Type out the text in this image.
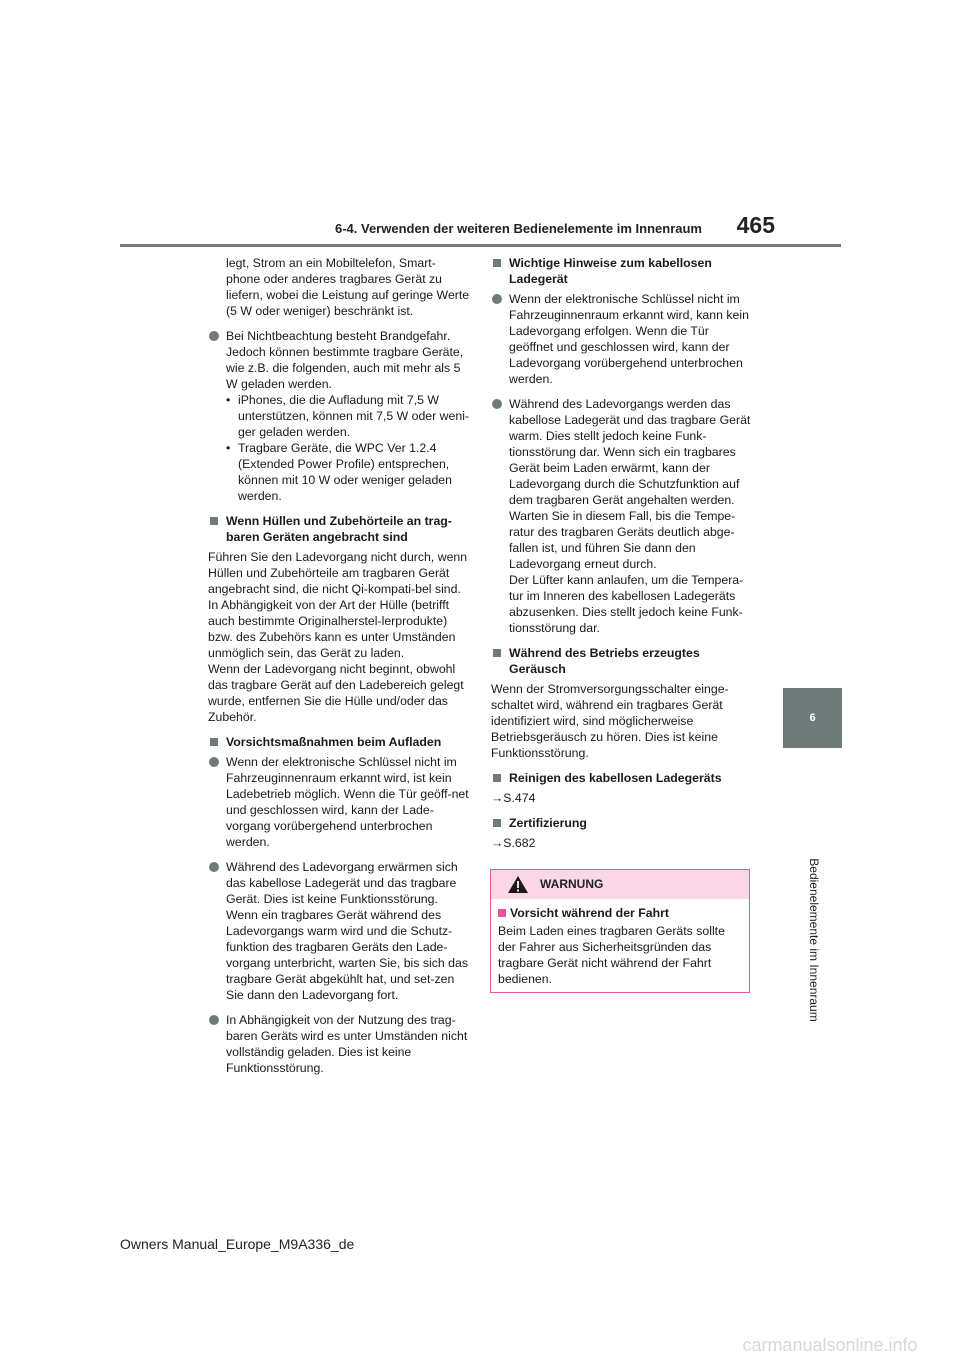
6-4. Verwenden der weiteren Bedienelemente im Innenraum	465
6
Bedienelemente im Innenraum

legt, Strom an ein Mobiltelefon, Smart-phone oder anderes tragbares Gerät zu liefern, wobei die Leistung auf geringe Werte (5 W oder weniger) beschränkt ist.

Bei Nichtbeachtung besteht Brandgefahr. Jedoch können bestimmte tragbare Geräte, wie z.B. die folgenden, auch mit mehr als 5 W geladen werden.
• iPhones, die die Aufladung mit 7,5 W unterstützen, können mit 7,5 W oder weni-ger geladen werden.
• Tragbare Geräte, die WPC Ver 1.2.4 (Extended Power Profile) entsprechen, können mit 10 W oder weniger geladen werden.
Wenn Hüllen und Zubehörteile an trag-baren Geräten angebracht sind
Führen Sie den Ladevorgang nicht durch, wenn Hüllen und Zubehörteile am tragbaren Gerät angebracht sind, die nicht Qi-kompati-bel sind. In Abhängigkeit von der Art der Hülle (betrifft auch bestimmte Originalherstel-lerprodukte) bzw. des Zubehörs kann es unter Umständen unmöglich sein, das Gerät zu laden.
Wenn der Ladevorgang nicht beginnt, obwohl das tragbare Gerät auf den Ladebereich gelegt wurde, entfernen Sie die Hülle und/oder das Zubehör.
Vorsichtsmaßnahmen beim Aufladen
Wenn der elektronische Schlüssel nicht im Fahrzeuginnenraum erkannt wird, ist kein Ladebetrieb möglich. Wenn die Tür geöff-net und geschlossen wird, kann der Lade-vorgang vorübergehend unterbrochen werden.
Während des Ladevorgang erwärmen sich das kabellose Ladegerät und das tragbare Gerät. Dies ist keine Funktionsstörung. Wenn ein tragbares Gerät während des Ladevorgangs warm wird und die Schutz-funktion des tragbaren Geräts den Lade-vorgang unterbricht, warten Sie, bis sich das tragbare Gerät abgekühlt hat, und set-zen Sie dann den Ladevorgang fort.
In Abhängigkeit von der Nutzung des trag-baren Geräts wird es unter Umständen nicht vollständig geladen. Dies ist keine Funktionsstörung.
Wichtige Hinweise zum kabellosen Ladegerät
Wenn der elektronische Schlüssel nicht im Fahrzeuginnenraum erkannt wird, kann kein Ladevorgang erfolgen. Wenn die Tür geöffnet und geschlossen wird, kann der Ladevorgang vorübergehend unterbrochen werden.
Während des Ladevorgangs werden das kabellose Ladegerät und das tragbare Gerät warm. Dies stellt jedoch keine Funk-tionsstörung dar. Wenn sich ein tragbares Gerät beim Laden erwärmt, kann der Ladevorgang durch die Schutzfunktion auf dem tragbaren Gerät angehalten werden. Warten Sie in diesem Fall, bis die Tempe-ratur des tragbaren Geräts deutlich abge-fallen ist, und führen Sie dann den Ladevorgang erneut durch.
Der Lüfter kann anlaufen, um die Tempera-tur im Inneren des kabellosen Ladegeräts abzusenken. Dies stellt jedoch keine Funk-tionsstörung dar.
Während des Betriebs erzeugtes Geräusch

Wenn der Stromversorgungsschalter einge-schaltet wird, während ein tragbares Gerät identifiziert wird, sind möglicherweise Betriebsgeräusch zu hören. Dies ist keine Funktionsstörung.

Reinigen des kabellosen Ladegeräts

→S.474

Zertifizierung

→S.682

WARNUNG
Vorsicht während der Fahrt
Beim Laden eines tragbaren Geräts sollte der Fahrer aus Sicherheitsgründen das tragbare Gerät nicht während der Fahrt bedienen.
Owners Manual_Europe_M9A336_de
carmanualsonline.info
